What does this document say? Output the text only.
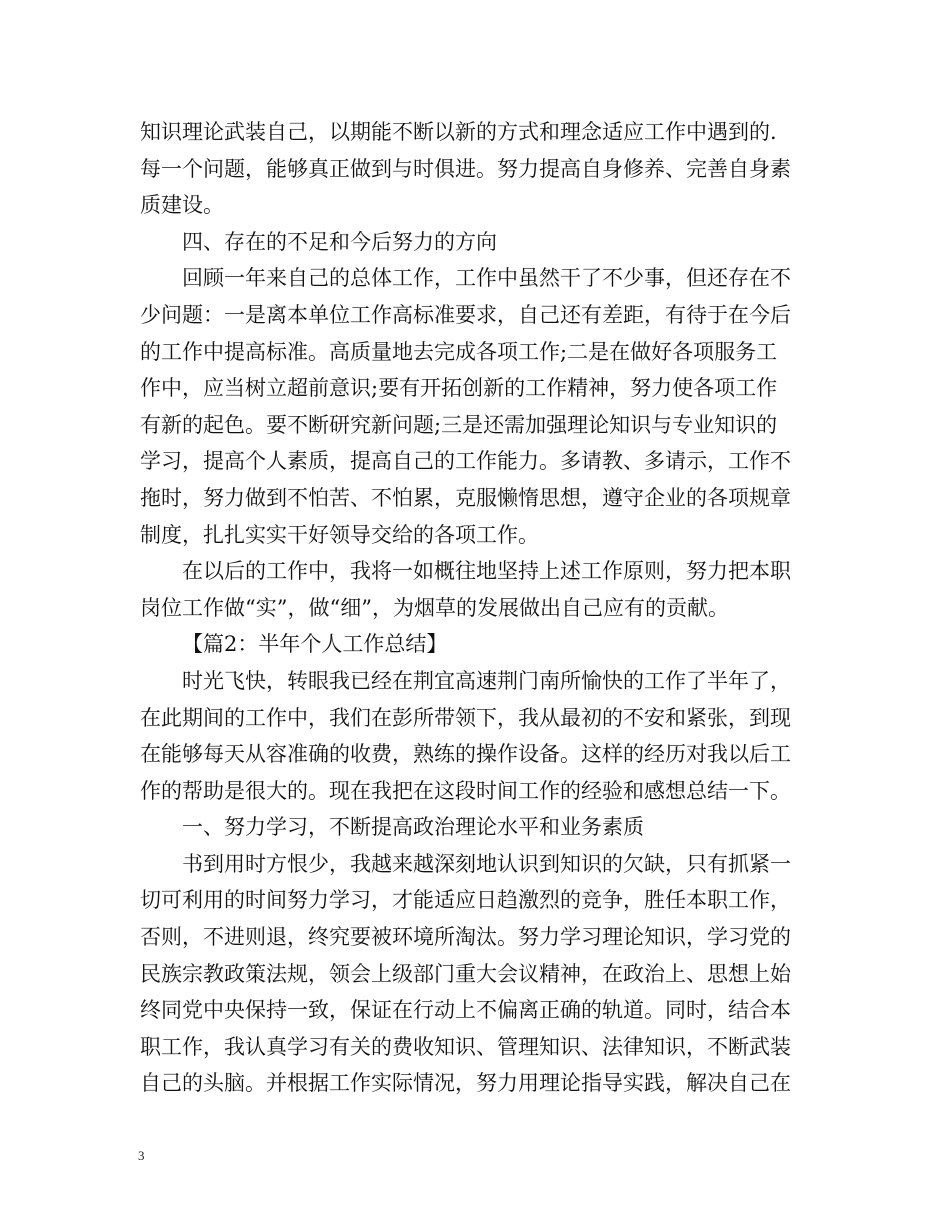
知识理论武装自己，以期能不断以新的方式和理念适应工作中遇到的.
每一个问题，能够真正做到与时俱进。努力提高自身修养、完善自身素
质建设。
四、存在的不足和今后努力的方向
回顾一年来自己的总体工作，工作中虽然干了不少事，但还存在不
少问题：一是离本单位工作高标准要求，自己还有差距，有待于在今后
的工作中提高标准。高质量地去完成各项工作;二是在做好各项服务工
作中，应当树立超前意识;要有开拓创新的工作精神，努力使各项工作
有新的起色。要不断研究新问题;三是还需加强理论知识与专业知识的
学习，提高个人素质，提高自己的工作能力。多请教、多请示，工作不
拖时，努力做到不怕苦、不怕累，克服懒惰思想，遵守企业的各项规章
制度，扎扎实实干好领导交给的各项工作。
在以后的工作中，我将一如概往地坚持上述工作原则，努力把本职
岗位工作做“实”，做“细”，为烟草的发展做出自己应有的贡献。
【篇2：半年个人工作总结】
时光飞快，转眼我已经在荆宜高速荆门南所愉快的工作了半年了，
在此期间的工作中，我们在彭所带领下，我从最初的不安和紧张，到现
在能够每天从容准确的收费，熟练的操作设备。这样的经历对我以后工
作的帮助是很大的。现在我把在这段时间工作的经验和感想总结一下。
一、努力学习，不断提高政治理论水平和业务素质
书到用时方恨少，我越来越深刻地认识到知识的欠缺，只有抓紧一
切可利用的时间努力学习，才能适应日趋激烈的竞争，胜任本职工作，
否则，不进则退，终究要被环境所淘汰。努力学习理论知识，学习党的
民族宗教政策法规，领会上级部门重大会议精神，在政治上、思想上始
终同党中央保持一致，保证在行动上不偏离正确的轨道。同时，结合本
职工作，我认真学习有关的费收知识、管理知识、法律知识，不断武装
自己的头脑。并根据工作实际情况，努力用理论指导实践，解决自己在
3
